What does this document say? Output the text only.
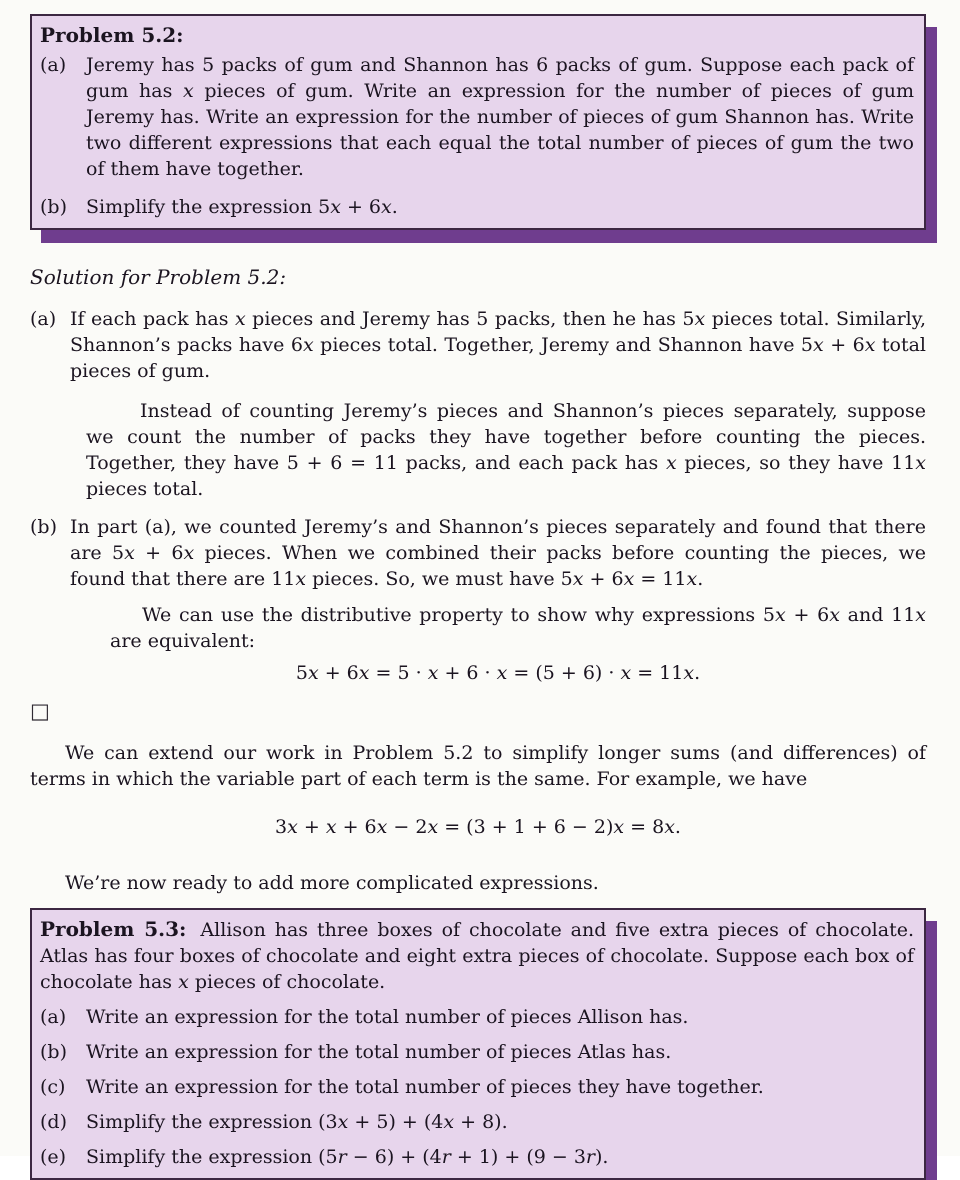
Problem 5.2:
(a) Jeremy has 5 packs of gum and Shannon has 6 packs of gum. Suppose each pack of gum has x pieces of gum. Write an expression for the number of pieces of gum Jeremy has. Write an expression for the number of pieces of gum Shannon has. Write two different expressions that each equal the total number of pieces of gum the two of them have together.
(b) Simplify the expression 5x + 6x.
Solution for Problem 5.2:
(a) If each pack has x pieces and Jeremy has 5 packs, then he has 5x pieces total. Similarly, Shannon’s packs have 6x pieces total. Together, Jeremy and Shannon have 5x + 6x total pieces of gum.
Instead of counting Jeremy’s pieces and Shannon’s pieces separately, suppose we count the number of packs they have together before counting the pieces. Together, they have 5 + 6 = 11 packs, and each pack has x pieces, so they have 11x pieces total.
(b) In part (a), we counted Jeremy’s and Shannon’s pieces separately and found that there are 5x + 6x pieces. When we combined their packs before counting the pieces, we found that there are 11x pieces. So, we must have 5x + 6x = 11x.
We can use the distributive property to show why expressions 5x + 6x and 11x are equivalent:
5x + 6x = 5 · x + 6 · x = (5 + 6) · x = 11x.
□
We can extend our work in Problem 5.2 to simplify longer sums (and differences) of terms in which the variable part of each term is the same. For example, we have
3x + x + 6x − 2x = (3 + 1 + 6 − 2)x = 8x.
We’re now ready to add more complicated expressions.
Problem 5.3: Allison has three boxes of chocolate and five extra pieces of chocolate. Atlas has four boxes of chocolate and eight extra pieces of chocolate. Suppose each box of chocolate has x pieces of chocolate.
(a) Write an expression for the total number of pieces Allison has.
(b) Write an expression for the total number of pieces Atlas has.
(c) Write an expression for the total number of pieces they have together.
(d) Simplify the expression (3x + 5) + (4x + 8).
(e) Simplify the expression (5r − 6) + (4r + 1) + (9 − 3r).
